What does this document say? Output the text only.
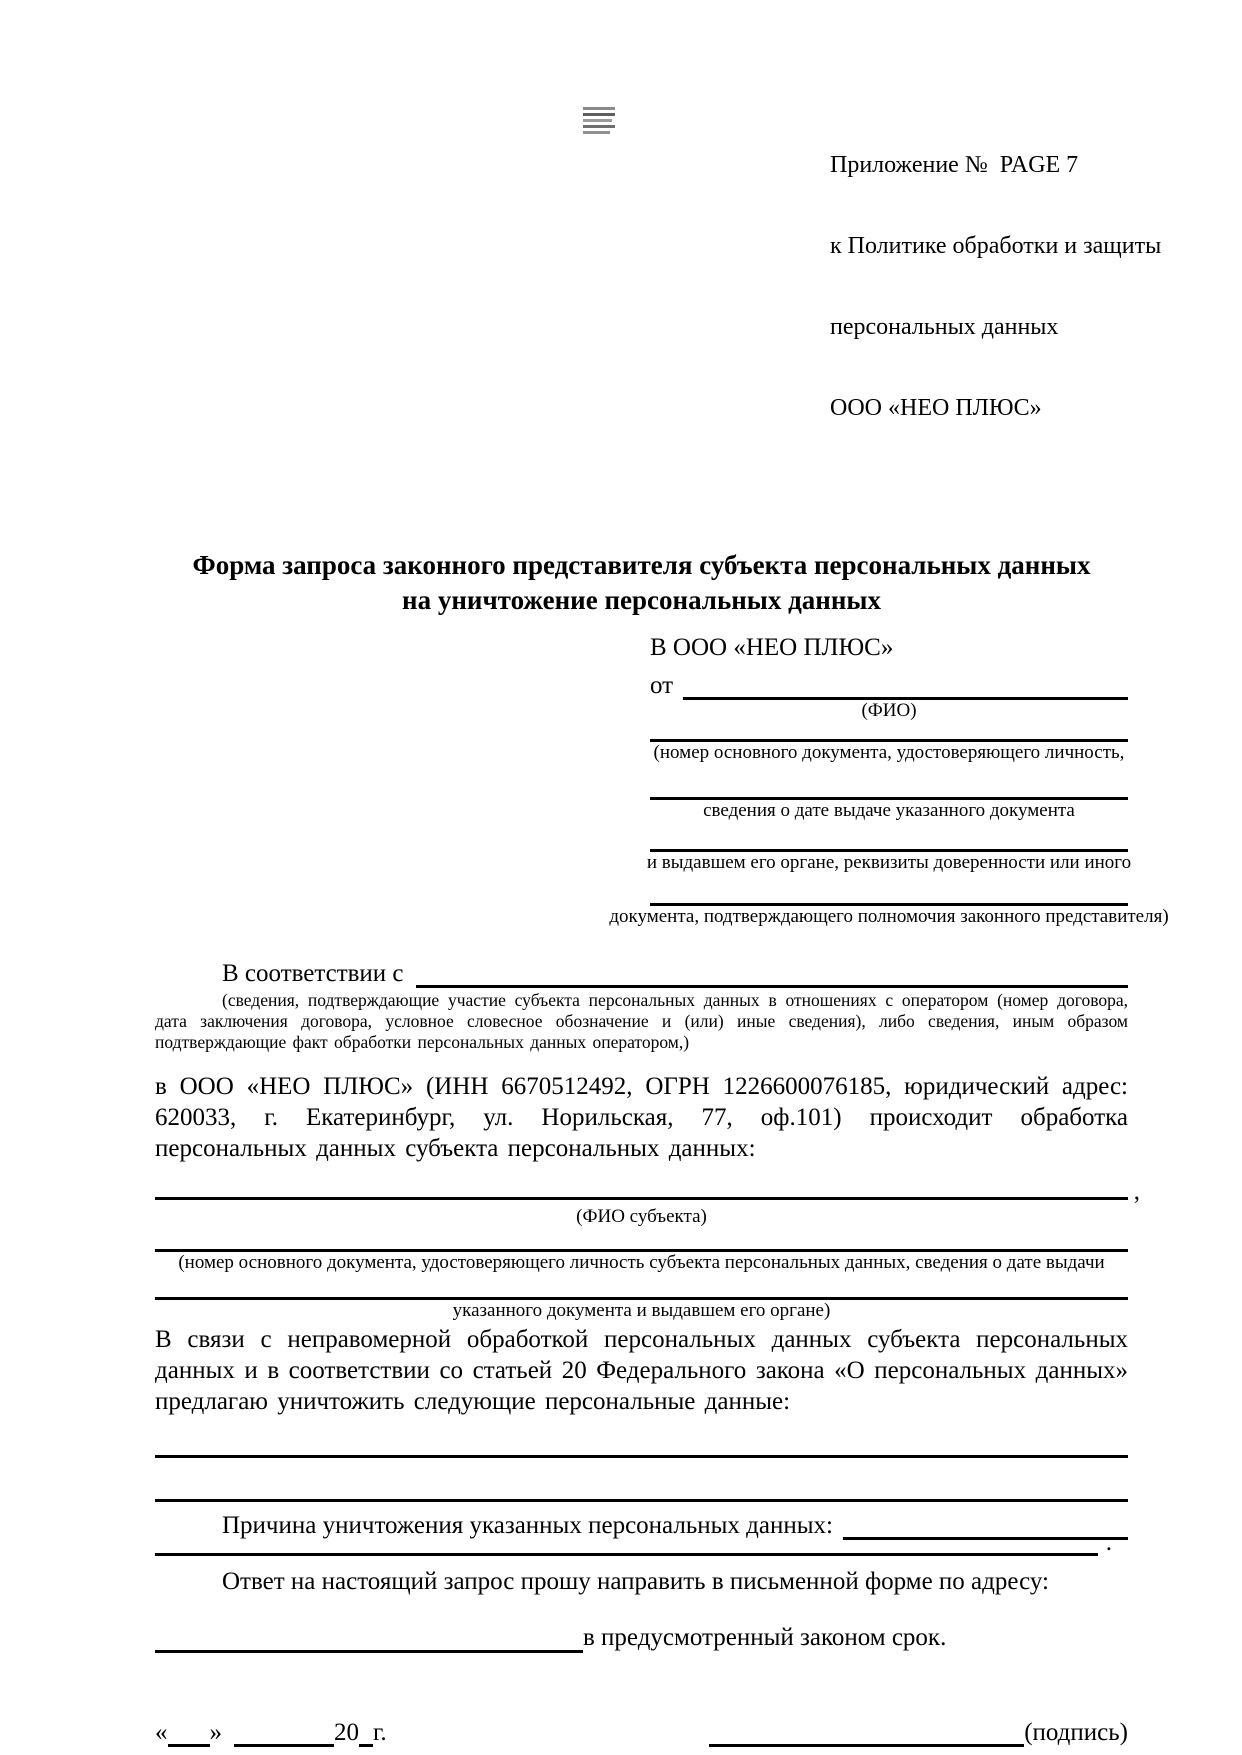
Приложение №  PAGE 7

к Политике обработки и защиты

персональных данных

ООО «НЕО ПЛЮС»

Форма запроса законного представителя субъекта персональных данных
на уничтожение персональных данных
В ООО «НЕО ПЛЮС»
от
(ФИО)
(номер основного документа, удостоверяющего личность,
сведения о дате выдаче указанного документа
и выдавшем его органе, реквизиты доверенности или иного
документа, подтверждающего полномочия законного представителя)
В соответствии с

(сведения, подтверждающие участие субъекта персональных данных в отношениях с оператором (номер договора, дата заключения договора, условное словесное обозначение и (или) иные сведения), либо сведения, иным образом подтверждающие факт обработки персональных данных оператором,)

в ООО «НЕО ПЛЮС» (ИНН 6670512492, ОГРН 1226600076185, юридический адрес: 620033, г. Екатеринбург, ул. Норильская, 77, оф.101) происходит обработка персональных данных субъекта персональных данных:

,
(ФИО субъекта)
(номер основного документа, удостоверяющего личность субъекта персональных данных, сведения о дате выдачи
указанного документа и выдавшем его органе)

В связи с неправомерной обработкой персональных данных субъекта персональных данных и в соответствии со статьей 20 Федерального закона «О персональных данных» предлагаю уничтожить следующие персональные данные:

Причина уничтожения указанных персональных данных:
.

Ответ на настоящий запрос прошу направить в письменной форме по адресу:

в предусмотренный законом срок.
« »	20 г.	(подпись)
